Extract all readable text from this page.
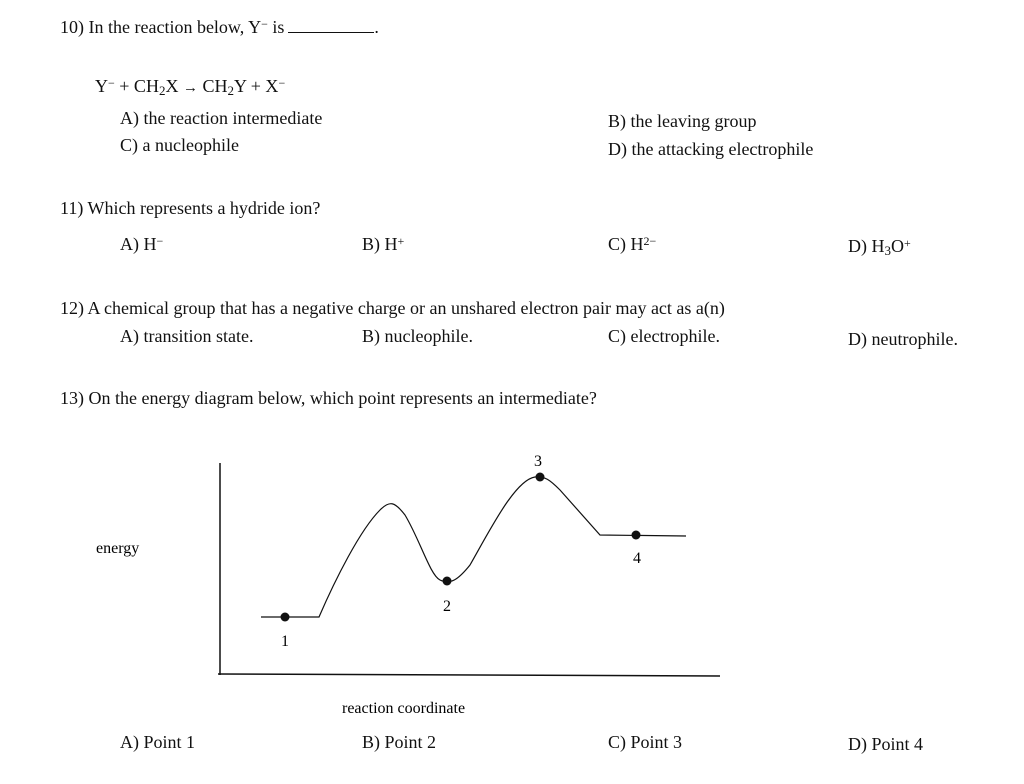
10) In the reaction below, Y− is	.
$Y^- + CH_2X \to CH_2Y + X^-$
A) the reaction intermediate	B) the leaving group
C) a nucleophile	D) the attacking electrophile
11) Which represents a hydride ion?
A) H−	B) H+	C) $H^{2-}$	D) $H_3O^+$
12) A chemical group that has a negative charge or an unshared electron pair may act as a(n)
A) transition state.	B) nucleophile.	C) electrophile.	D) neutrophile.
13) On the energy diagram below, which point represents an intermediate?
1
2
3
4
energy
reaction coordinate
A) Point 1	B) Point 2	C) Point 3	D) Point 4
